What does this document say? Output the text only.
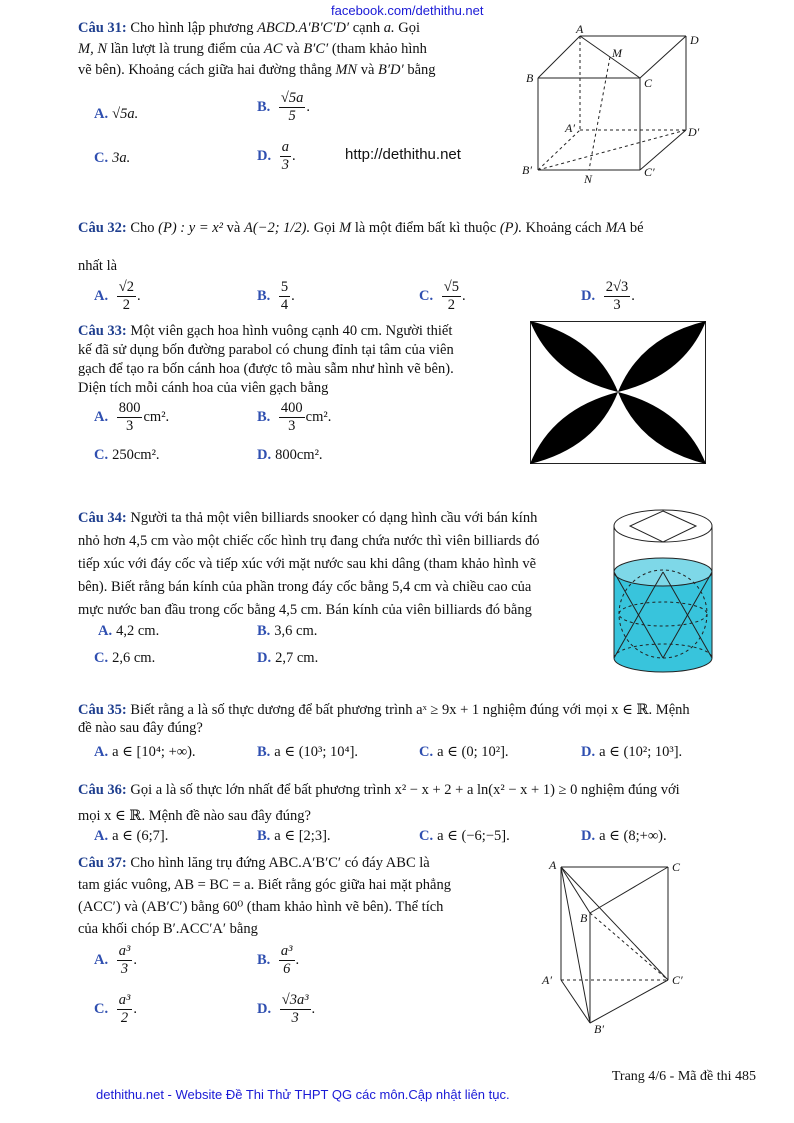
facebook.com/dethithu.net
Câu 31: Cho hình lập phương ABCD.A′B′C′D′ cạnh a. Gọi
M, N lần lượt là trung điểm của AC và B′C′ (tham khảo hình
vẽ bên). Khoảng cách giữa hai đường thẳng MN và B′D′ bằng
A. √5a.	B. $\frac{√5a}{5}$ .
C. 3a.	D. $\frac{a}{3}$ .	http://dethithu.net
A
D
B	C
M
A′	D′
B′	C′
N
Câu 32: Cho (P) : y = x² và A(−2; 1/2). Gọi M là một điểm bất kì thuộc (P). Khoảng cách MA bé
nhất là
A. $\frac{√2}{2}$ .	B. $\frac{5}{4}$ .	C. $\frac{√5}{2}$ .	D. $\frac{2√3}{3}$ .
Câu 33: Một viên gạch hoa hình vuông cạnh 40 cm. Người thiết
kế đã sử dụng bốn đường parabol có chung đỉnh tại tâm của viên
gạch để tạo ra bốn cánh hoa (được tô màu sẫm như hình vẽ bên).
Diện tích mỗi cánh hoa của viên gạch bằng
A. $\frac{800}{3} cm^2$.	B. $\frac{400}{3} cm^2$.
C. 250cm².	D. 800cm².
Câu 34: Người ta thả một viên billiards snooker có dạng hình cầu với bán kính
nhỏ hơn 4,5 cm vào một chiếc cốc hình trụ đang chứa nước thì viên billiards đó
tiếp xúc với đáy cốc và tiếp xúc với mặt nước sau khi dâng (tham khảo hình vẽ
bên). Biết rằng bán kính của phần trong đáy cốc bằng 5,4 cm và chiều cao của
mực nước ban đầu trong cốc bằng 4,5 cm. Bán kính của viên billiards đó bằng
A. 4,2 cm.	B. 3,6 cm.
C. 2,6 cm.	D. 2,7 cm.
Câu 35: Biết rằng a là số thực dương để bất phương trình aˣ ≥ 9x + 1 nghiệm đúng với mọi x ∈ ℝ. Mệnh
đề nào sau đây đúng?
A. a ∈ [10⁴; +∞).	B. a ∈ (10³; 10⁴].	C. a ∈ (0; 10²].	D. a ∈ (10²; 10³].
Câu 36: Gọi a là số thực lớn nhất để bất phương trình x² − x + 2 + a ln(x² − x + 1) ≥ 0 nghiệm đúng với
mọi x ∈ ℝ. Mệnh đề nào sau đây đúng?
A. a ∈ (6;7].	B. a ∈ [2;3].	C. a ∈ (−6;−5].	D. a ∈ (8;+∞).
Câu 37: Cho hình lăng trụ đứng ABC.A′B′C′ có đáy ABC là
tam giác vuông, AB = BC = a. Biết rằng góc giữa hai mặt phẳng
(ACC′) và (AB′C′) bằng 60⁰ (tham khảo hình vẽ bên). Thể tích
của khối chóp B′.ACC′A′ bằng
A. $\frac{\text{a³}}{3}$ .	B. $\frac{\text{a³}}{6}$ .
C. $\frac{\text{a³}}{2}$ .	D. $\frac{\text{√3a³}}{3}$ .
A	C
B
A′	C′
B′
Trang 4/6 - Mã đề thi 485
dethithu.net - Website Đề Thi Thử THPT QG các môn.Cập nhật liên tục.
